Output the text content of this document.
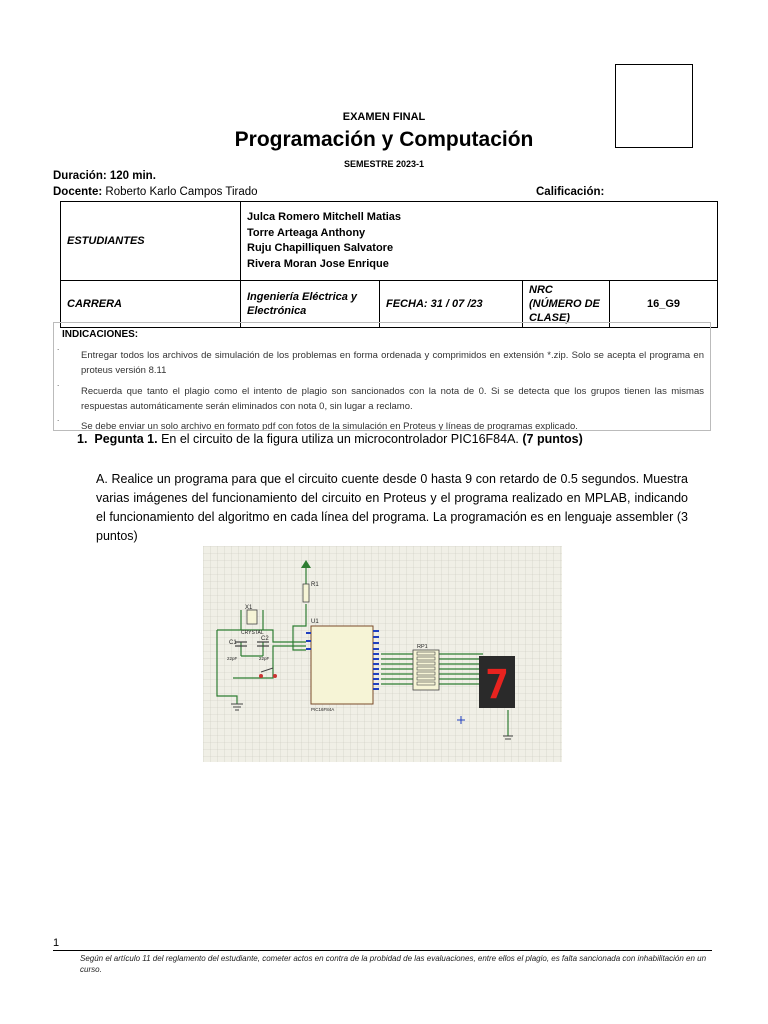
EXAMEN FINAL
Programación y Computación
SEMESTRE 2023-1
Duración: 120 min.
Docente: Roberto Karlo Campos Tirado	Calificación:
ESTUDIANTES	Julca Romero Mitchell Matias
Torre Arteaga Anthony
Ruju Chapilliquen Salvatore
Rivera Moran Jose Enrique			

CARRERA	Ingeniería Eléctrica y Electrónica	FECHA: 31 / 07 /23	NRC (NÚMERO DE CLASE)	16_G9
INDICACIONES:
˙ Entregar todos los archivos de simulación de los problemas en forma ordenada y comprimidos en extensión *.zip. Solo se acepta el programa en proteus versión 8.11
˙ Recuerda que tanto el plagio como el intento de plagio son sancionados con la nota de 0. Si se detecta que los grupos tienen las mismas respuestas automáticamente serán eliminados con nota 0, sin lugar a reclamo.
˙ Se debe enviar un solo archivo en formato pdf con fotos de la simulación en Proteus y líneas de programas explicado.
1. Pegunta 1. En el circuito de la figura utiliza un microcontrolador PIC16F84A. (7 puntos)
A. Realice un programa para que el circuito cuente desde 0 hasta 9 con retardo de 0.5 segundos. Muestra varias imágenes del funcionamiento del circuito en Proteus y el programa realizado en MPLAB, indicando el funcionamiento del algoritmo en cada línea del programa. La programación es en lenguaje assembler (3 puntos)
R1
X1
CRYSTAL
C1
C2
22pF	22pF
U1
PIC16F84A
RP1
7
1
Según el artículo 11 del reglamento del estudiante, cometer actos en contra de la probidad de las evaluaciones, entre ellos el plagio, es falta sancionada con inhabilitación en un curso.
